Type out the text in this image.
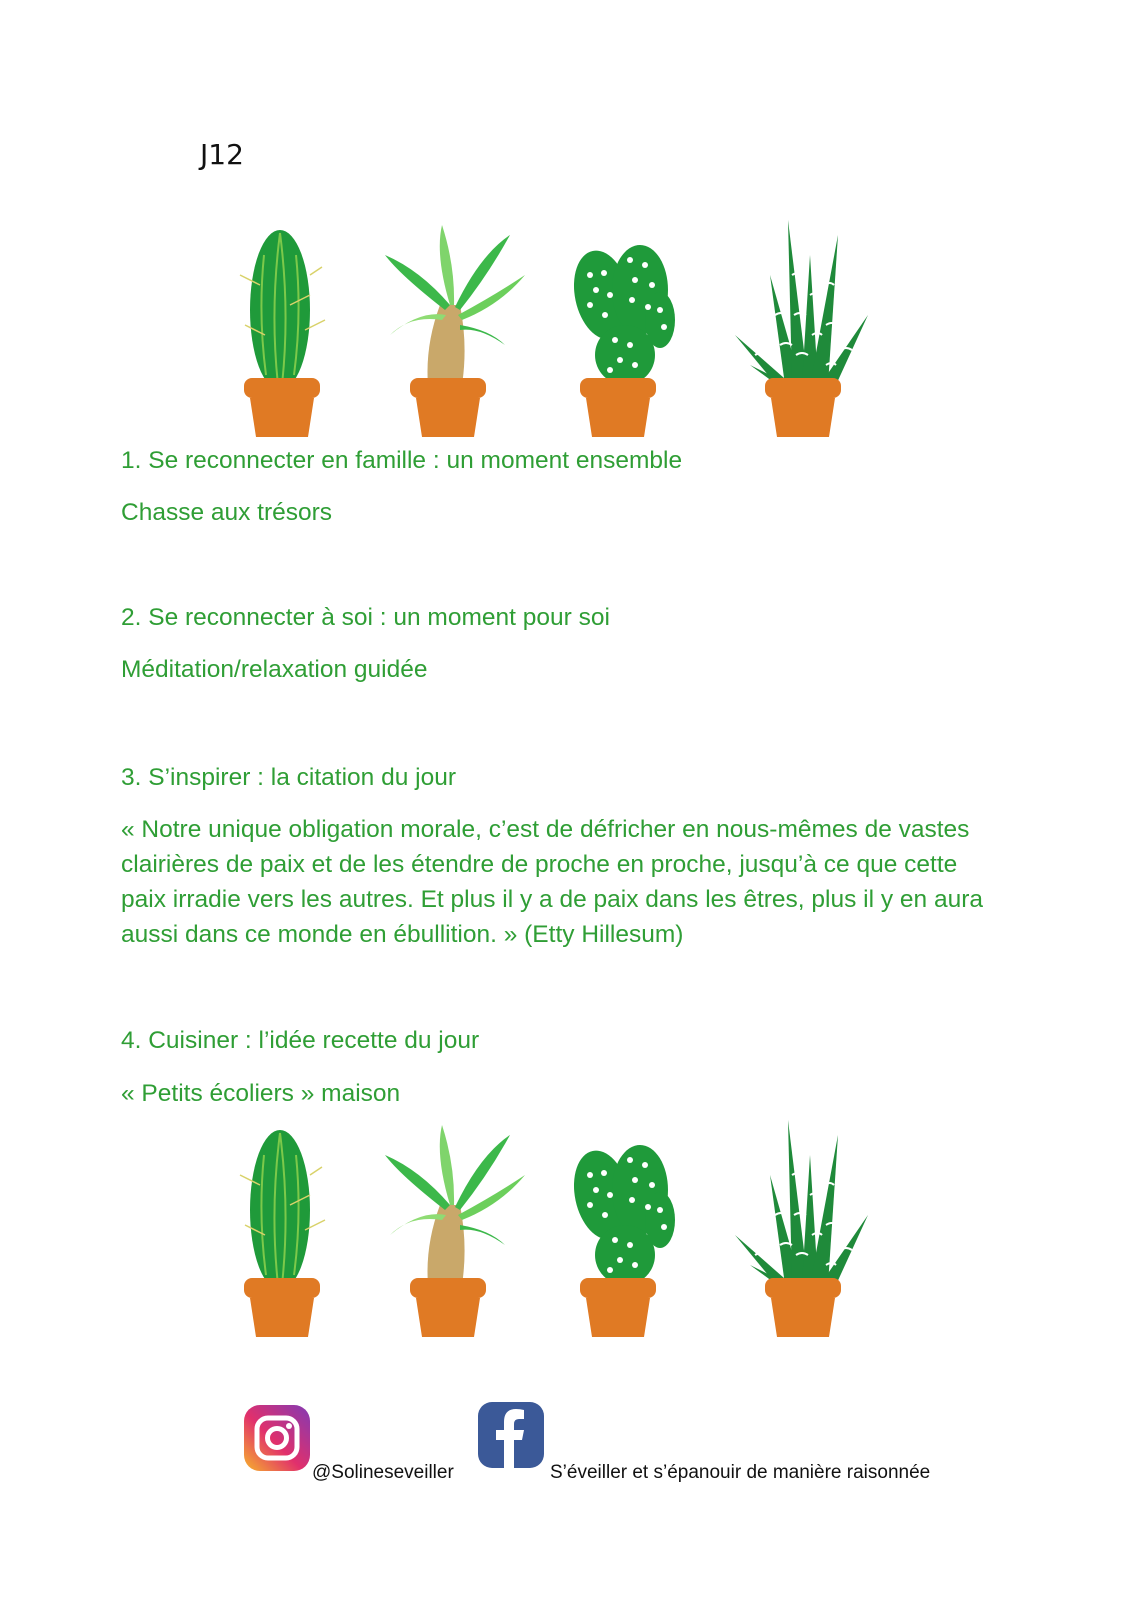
J12

1. Se reconnecter en famille : un moment ensemble

Chasse aux trésors

2. Se reconnecter à soi : un moment pour soi

Méditation/relaxation guidée

3. S’inspirer : la citation du jour

« Notre unique obligation morale, c’est de défricher en nous-mêmes de vastes clairières de paix et de les étendre de proche en proche, jusqu’à ce que cette paix irradie vers les autres. Et plus il y a de paix dans les êtres, plus il y en aura aussi dans ce monde en ébullition. » (Etty Hillesum)

4. Cuisiner : l’idée recette du jour

« Petits écoliers » maison

@Solineseveiller	S’éveiller et s’épanouir de manière raisonnée
